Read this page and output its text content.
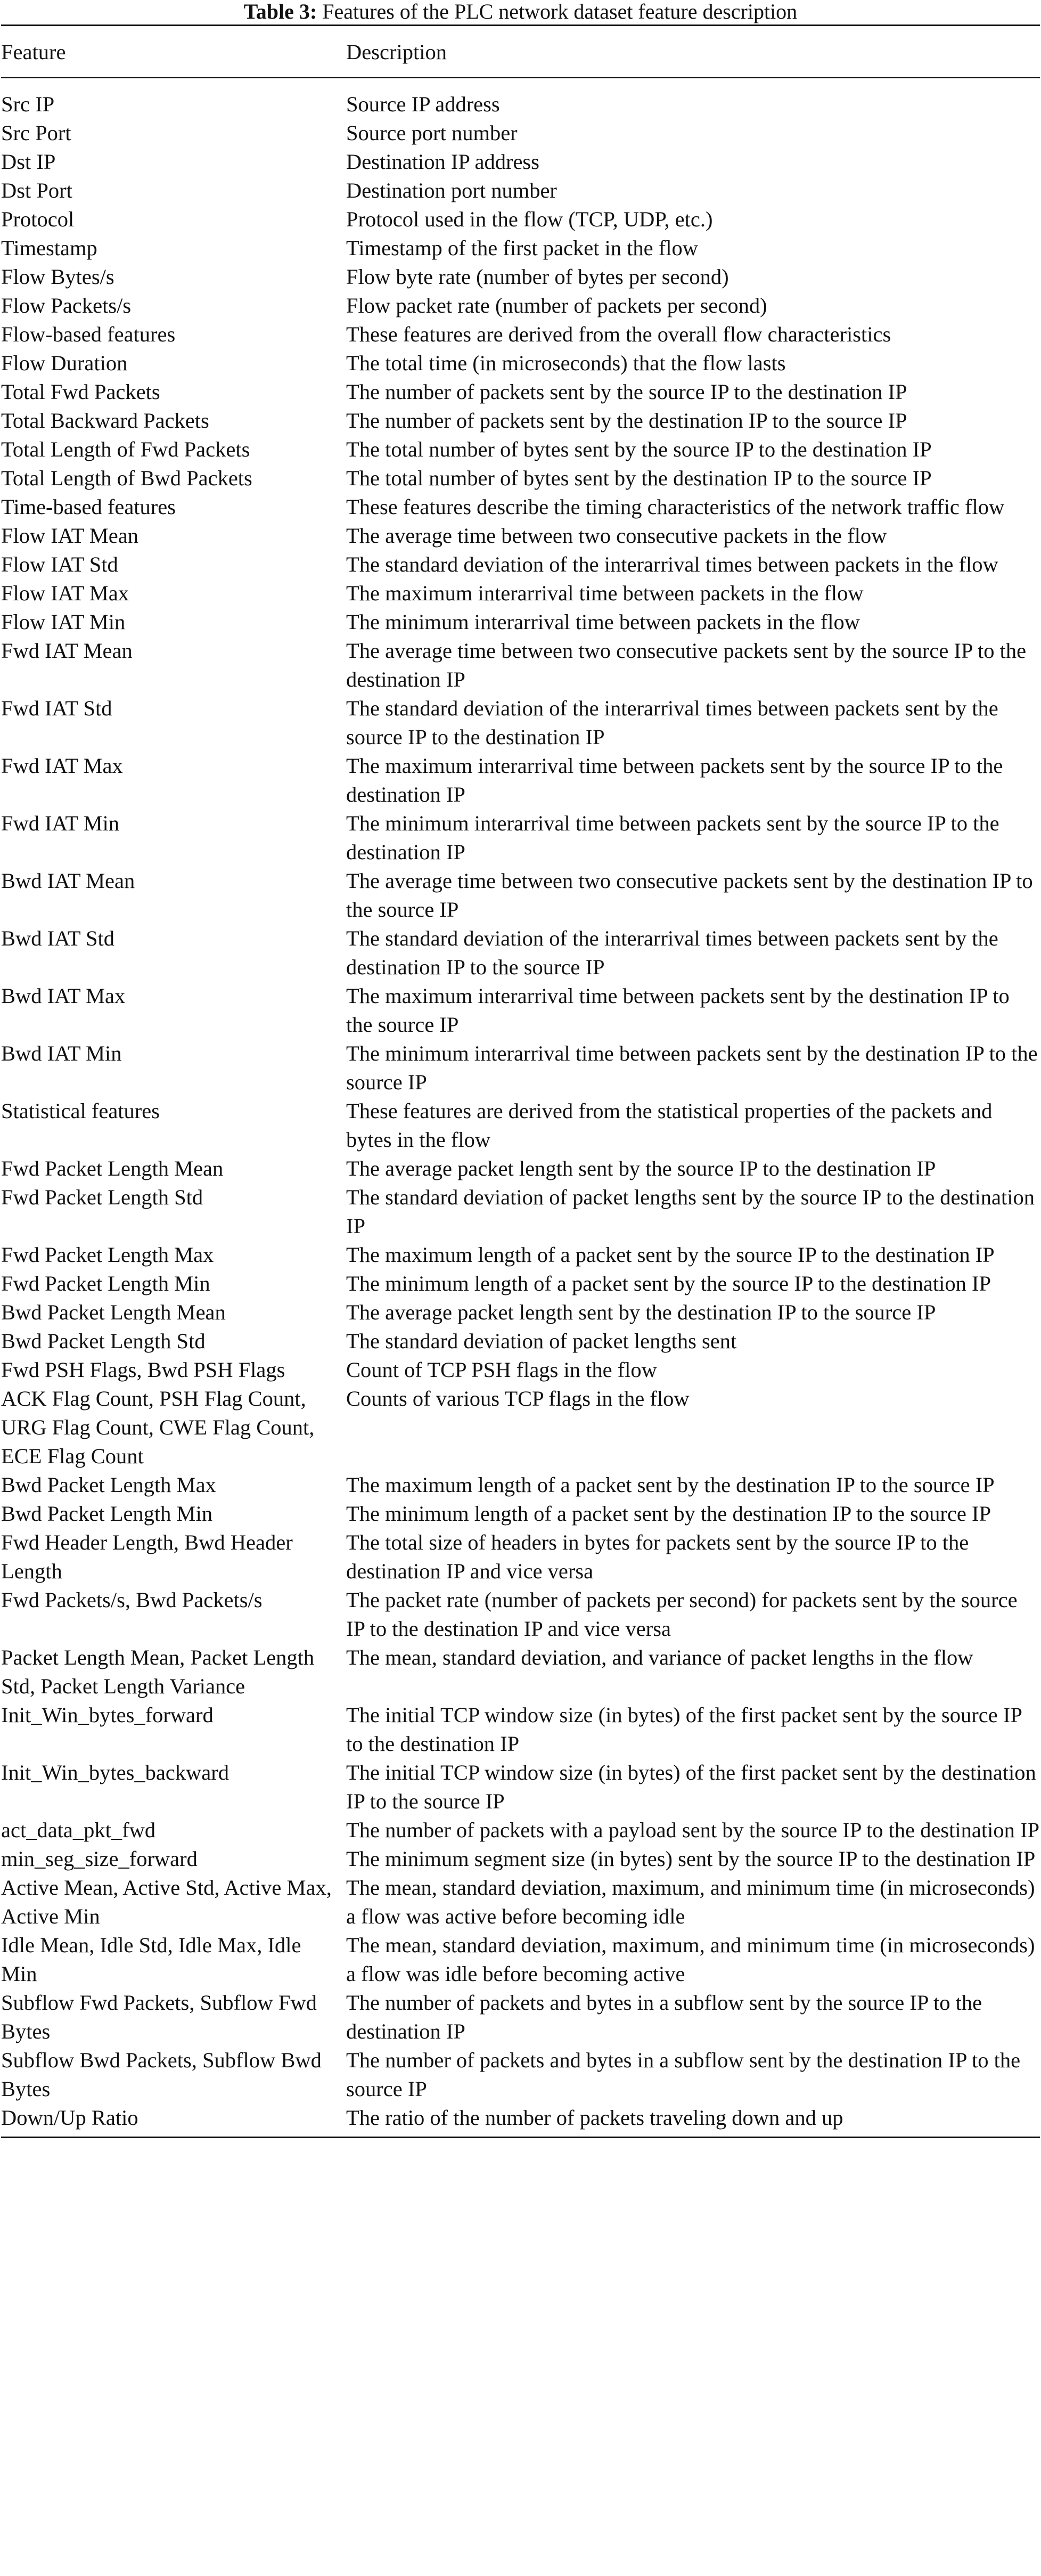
Table 3: Features of the PLC network dataset feature description
Feature	Description
Src IP	Source IP address
Src Port	Source port number
Dst IP	Destination IP address
Dst Port	Destination port number
Protocol	Protocol used in the flow (TCP, UDP, etc.)
Timestamp	Timestamp of the first packet in the flow
Flow Bytes/s	Flow byte rate (number of bytes per second)
Flow Packets/s	Flow packet rate (number of packets per second)
Flow-based features	These features are derived from the overall flow characteristics
Flow Duration	The total time (in microseconds) that the flow lasts
Total Fwd Packets	The number of packets sent by the source IP to the destination IP
Total Backward Packets	The number of packets sent by the destination IP to the source IP
Total Length of Fwd Packets	The total number of bytes sent by the source IP to the destination IP
Total Length of Bwd Packets	The total number of bytes sent by the destination IP to the source IP
Time-based features	These features describe the timing characteristics of the network traffic flow
Flow IAT Mean	The average time between two consecutive packets in the flow
Flow IAT Std	The standard deviation of the interarrival times between packets in the flow
Flow IAT Max	The maximum interarrival time between packets in the flow
Flow IAT Min	The minimum interarrival time between packets in the flow
Fwd IAT Mean	The average time between two consecutive packets sent by the source IP to the destination IP
Fwd IAT Std	The standard deviation of the interarrival times between packets sent by the source IP to the destination IP
Fwd IAT Max	The maximum interarrival time between packets sent by the source IP to the destination IP
Fwd IAT Min	The minimum interarrival time between packets sent by the source IP to the destination IP
Bwd IAT Mean	The average time between two consecutive packets sent by the destination IP to the source IP
Bwd IAT Std	The standard deviation of the interarrival times between packets sent by the destination IP to the source IP
Bwd IAT Max	The maximum interarrival time between packets sent by the destination IP to the source IP
Bwd IAT Min	The minimum interarrival time between packets sent by the destination IP to the source IP
Statistical features	These features are derived from the statistical properties of the packets and bytes in the flow
Fwd Packet Length Mean	The average packet length sent by the source IP to the destination IP
Fwd Packet Length Std	The standard deviation of packet lengths sent by the source IP to the destination IP
Fwd Packet Length Max	The maximum length of a packet sent by the source IP to the destination IP
Fwd Packet Length Min	The minimum length of a packet sent by the source IP to the destination IP
Bwd Packet Length Mean	The average packet length sent by the destination IP to the source IP
Bwd Packet Length Std	The standard deviation of packet lengths sent
Fwd PSH Flags, Bwd PSH Flags	Count of TCP PSH flags in the flow
ACK Flag Count, PSH Flag Count, URG Flag Count, CWE Flag Count, ECE Flag Count	Counts of various TCP flags in the flow
Bwd Packet Length Max	The maximum length of a packet sent by the destination IP to the source IP
Bwd Packet Length Min	The minimum length of a packet sent by the destination IP to the source IP
Fwd Header Length, Bwd Header Length	The total size of headers in bytes for packets sent by the source IP to the destination IP and vice versa
Fwd Packets/s, Bwd Packets/s	The packet rate (number of packets per second) for packets sent by the source IP to the destination IP and vice versa
Packet Length Mean, Packet Length Std, Packet Length Variance	The mean, standard deviation, and variance of packet lengths in the flow
Init_Win_bytes_forward	The initial TCP window size (in bytes) of the first packet sent by the source IP to the destination IP
Init_Win_bytes_backward	The initial TCP window size (in bytes) of the first packet sent by the destination IP to the source IP
act_data_pkt_fwd	The number of packets with a payload sent by the source IP to the destination IP
min_seg_size_forward	The minimum segment size (in bytes) sent by the source IP to the destination IP
Active Mean, Active Std, Active Max, Active Min	The mean, standard deviation, maximum, and minimum time (in microseconds) a flow was active before becoming idle
Idle Mean, Idle Std, Idle Max, Idle Min	The mean, standard deviation, maximum, and minimum time (in microseconds) a flow was idle before becoming active
Subflow Fwd Packets, Subflow Fwd Bytes	The number of packets and bytes in a subflow sent by the source IP to the destination IP
Subflow Bwd Packets, Subflow Bwd Bytes	The number of packets and bytes in a subflow sent by the destination IP to the source IP
Down/Up Ratio	The ratio of the number of packets traveling down and up
